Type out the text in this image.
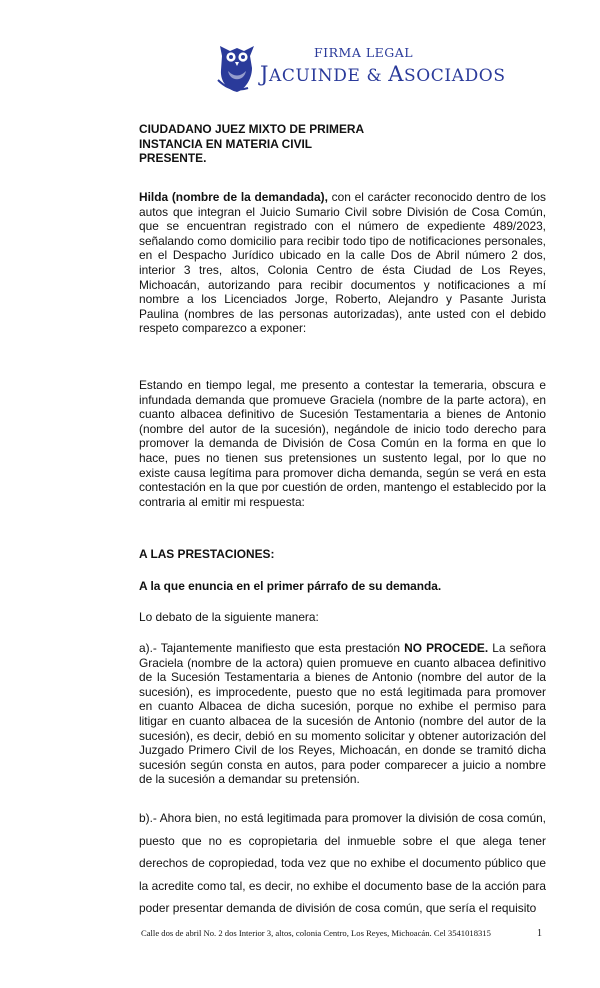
FIRMA LEGAL
JACUINDE & ASOCIADOS
CIUDADANO JUEZ MIXTO DE PRIMERA
INSTANCIA EN MATERIA CIVIL
PRESENTE.

Hilda (nombre de la demandada), con el carácter reconocido dentro de los autos que integran el Juicio Sumario Civil sobre División de Cosa Común, que se encuentran registrado con el número de expediente 489/2023, señalando como domicilio para recibir todo tipo de notificaciones personales, en el Despacho Jurídico ubicado en la calle Dos de Abril número 2 dos, interior 3 tres, altos, Colonia Centro de ésta Ciudad de Los Reyes, Michoacán, autorizando para recibir documentos y notificaciones a mí nombre a los Licenciados Jorge, Roberto, Alejandro y Pasante Jurista Paulina (nombres de las personas autorizadas), ante usted con el debido respeto comparezco a exponer:

Estando en tiempo legal, me presento a contestar la temeraria, obscura e infundada demanda que promueve Graciela (nombre de la parte actora), en cuanto albacea definitivo de Sucesión Testamentaria a bienes de Antonio (nombre del autor de la sucesión), negándole de inicio todo derecho para promover la demanda de División de Cosa Común en la forma en que lo hace, pues no tienen sus pretensiones un sustento legal, por lo que no existe causa legítima para promover dicha demanda, según se verá en esta contestación en la que por cuestión de orden, mantengo el establecido por la contraria al emitir mi respuesta:

A LAS PRESTACIONES:
A la que enuncia en el primer párrafo de su demanda.

Lo debato de la siguiente manera:

a).- Tajantemente manifiesto que esta prestación NO PROCEDE. La señora Graciela (nombre de la actora) quien promueve en cuanto albacea definitivo de la Sucesión Testamentaria a bienes de Antonio (nombre del autor de la sucesión), es improcedente, puesto que no está legitimada para promover en cuanto Albacea de dicha sucesión, porque no exhibe el permiso para litigar en cuanto albacea de la sucesión de Antonio (nombre del autor de la sucesión), es decir, debió en su momento solicitar y obtener autorización del Juzgado Primero Civil de los Reyes, Michoacán, en donde se tramitó dicha sucesión según consta en autos, para poder comparecer a juicio a nombre de la sucesión a demandar su pretensión.

b).- Ahora bien, no está legitimada para promover la división de cosa común, puesto que no es copropietaria del inmueble sobre el que alega tener derechos de copropiedad, toda vez que no exhibe el documento público que la acredite como tal, es decir, no exhibe el documento base de la acción para poder presentar demanda de división de cosa común, que sería el requisito

Calle dos de abril No. 2 dos Interior 3, altos, colonia Centro, Los Reyes, Michoacán. Cel 3541018315	1
